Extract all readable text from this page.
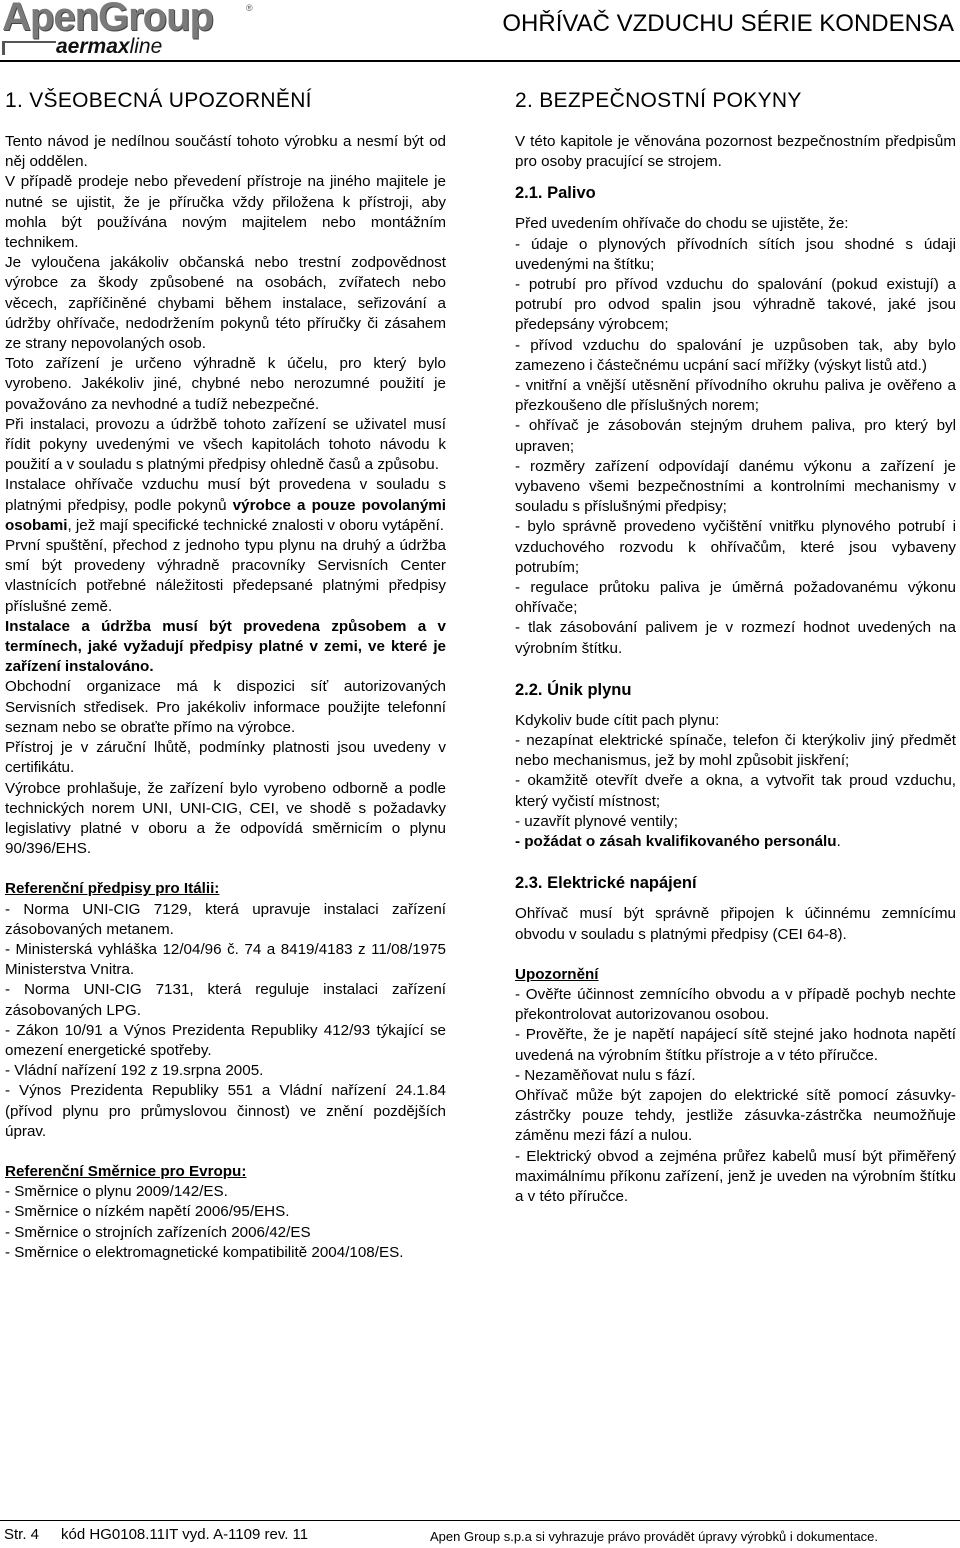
ApenGroup	®
aermaxline
OHŘÍVAČ VZDUCHU SÉRIE KONDENSA
1. VŠEOBECNÁ UPOZORNĚNÍ

Tento návod je nedílnou součástí tohoto výrobku a nesmí být od něj oddělen.

V případě prodeje nebo převedení přístroje na jiného majitele je nutné se ujistit, že je příručka vždy přiložena k přístroji, aby mohla být používána novým majitelem nebo montážním technikem.

Je vyloučena jakákoliv občanská nebo trestní zodpovědnost výrobce za škody způsobené na osobách, zvířatech nebo věcech, zapříčiněné chybami během instalace, seřizování a údržby ohřívače, nedodržením pokynů této příručky či zásahem ze strany nepovolaných osob.

Toto zařízení je určeno výhradně k účelu, pro který bylo vyrobeno. Jakékoliv jiné, chybné nebo nerozumné použití je považováno za nevhodné a tudíž nebezpečné.

Při instalaci, provozu a údržbě tohoto zařízení se uživatel musí řídit pokyny uvedenými ve všech kapitolách tohoto návodu k použití a v souladu s platnými předpisy ohledně časů a způsobu.

Instalace ohřívače vzduchu musí být provedena v souladu s platnými předpisy, podle pokynů výrobce a pouze povolanými osobami, jež mají specifické technické znalosti v oboru vytápění.

První spuštění, přechod z jednoho typu plynu na druhý a údržba smí být provedeny výhradně pracovníky Servisních Center vlastnících potřebné náležitosti předepsané platnými předpisy příslušné země.

Instalace a údržba musí být provedena způsobem a v termínech, jaké vyžadují předpisy platné v zemi, ve které je zařízení instalováno.

Obchodní organizace má k dispozici síť autorizovaných Servisních středisek. Pro jakékoliv informace použijte telefonní seznam nebo se obraťte přímo na výrobce.

Přístroj je v záruční lhůtě, podmínky platnosti jsou uvedeny v certifikátu.

Výrobce prohlašuje, že zařízení bylo vyrobeno odborně a podle technických norem UNI, UNI-CIG, CEI, ve shodě s požadavky legislativy platné v oboru a že odpovídá směrnicím o plynu 90/396/EHS.

Referenční předpisy pro Itálii:

- Norma UNI-CIG 7129, která upravuje instalaci zařízení zásobovaných metanem.

- Ministerská vyhláška 12/04/96 č. 74 a 8419/4183 z 11/08/1975 Ministerstva Vnitra.

- Norma UNI-CIG 7131, která reguluje instalaci zařízení zásobovaných LPG.

- Zákon 10/91 a Výnos Prezidenta Republiky 412/93 týkající se omezení energetické spotřeby.

- Vládní nařízení 192 z 19.srpna 2005.

- Výnos Prezidenta Republiky 551 a Vládní nařízení 24.1.84 (přívod plynu pro průmyslovou činnost) ve znění pozdějších úprav.

Referenční Směrnice pro Evropu:

- Směrnice o plynu 2009/142/ES.

- Směrnice o nízkém napětí 2006/95/EHS.

- Směrnice o strojních zařízeních 2006/42/ES

- Směrnice o elektromagnetické kompatibilitě 2004/108/ES.

2. BEZPEČNOSTNÍ POKYNY

V této kapitole je věnována pozornost bezpečnostním předpisům pro osoby pracující se strojem.

2.1. Palivo

Před uvedením ohřívače do chodu se ujistěte, že:

- údaje o plynových přívodních sítích jsou shodné s údaji uvedenými na štítku;

- potrubí pro přívod vzduchu do spalování (pokud existují) a potrubí pro odvod spalin jsou výhradně takové, jaké jsou předepsány výrobcem;

- přívod vzduchu do spalování je uzpůsoben tak, aby bylo zamezeno i částečnému ucpání sací mřížky (výskyt listů atd.)

- vnitřní a vnější utěsnění přívodního okruhu paliva je ověřeno a přezkoušeno dle příslušných norem;

- ohřívač je zásobován stejným druhem paliva, pro který byl upraven;

- rozměry zařízení odpovídají danému výkonu a zařízení je vybaveno všemi bezpečnostními a kontrolními mechanismy v souladu s příslušnými předpisy;

- bylo správně provedeno vyčištění vnitřku plynového potrubí i vzduchového rozvodu k ohřívačům, které jsou vybaveny potrubím;

- regulace průtoku paliva je úměrná požadovanému výkonu ohřívače;

- tlak zásobování palivem je v rozmezí hodnot uvedených na výrobním štítku.

2.2. Únik plynu

Kdykoliv bude cítit pach plynu:

- nezapínat elektrické spínače, telefon či kterýkoliv jiný předmět nebo mechanismus, jež by mohl způsobit jiskření;

- okamžitě otevřít dveře a okna, a vytvořit tak proud vzduchu, který vyčistí místnost;

- uzavřít plynové ventily;

- požádat o zásah kvalifikovaného personálu.

2.3. Elektrické napájení

Ohřívač musí být správně připojen k účinnému zemnícímu obvodu v souladu s platnými předpisy (CEI 64-8).

Upozornění

- Ověřte účinnost zemnícího obvodu a v případě pochyb nechte překontrolovat autorizovanou osobou.

- Prověřte, že je napětí napájecí sítě stejné jako hodnota napětí uvedená na výrobním štítku přístroje a v této příručce.

- Nezaměňovat nulu s fází.

Ohřívač může být zapojen do elektrické sítě pomocí zásuvky-zástrčky pouze tehdy, jestliže zásuvka-zástrčka neumožňuje záměnu mezi fází a nulou.

- Elektrický obvod a zejména průřez kabelů musí být přiměřený maximálnímu příkonu zařízení, jenž je uveden na výrobním štítku a v této příručce.

Str. 4 kód HG0108.11IT vyd. A-1109 rev. 11	Apen Group s.p.a si vyhrazuje právo provádět úpravy výrobků i dokumentace.
